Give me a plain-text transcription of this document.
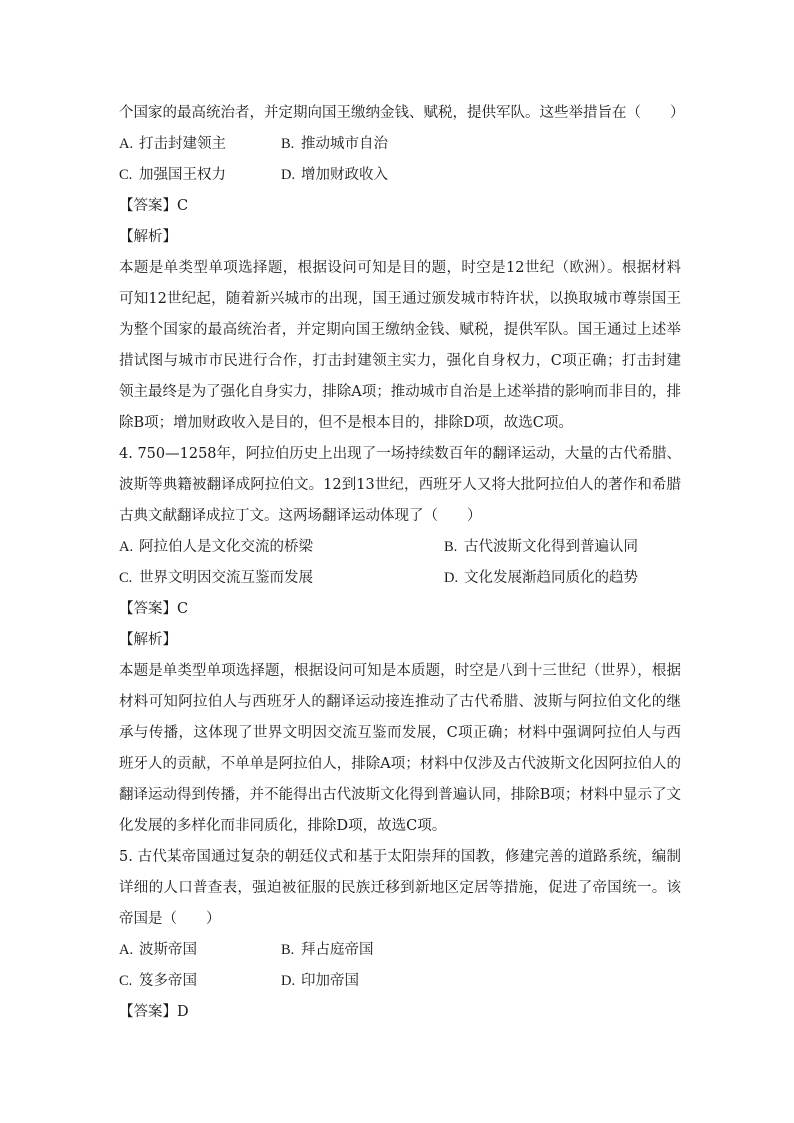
个国家的最高统治者，并定期向国王缴纳金钱、赋税，提供军队。这些举措旨在（　　）

A. 打击封建领主	B. 推动城市自治
C. 加强国王权力	D. 增加财政收入

【答案】C

【解析】

本题是单类型单项选择题，根据设问可知是目的题，时空是12世纪（欧洲）。根据材料可知12世纪起，随着新兴城市的出现，国王通过颁发城市特许状，以换取城市尊崇国王为整个国家的最高统治者，并定期向国王缴纳金钱、赋税，提供军队。国王通过上述举措试图与城市市民进行合作，打击封建领主实力，强化自身权力，C项正确；打击封建领主最终是为了强化自身实力，排除A项；推动城市自治是上述举措的影响而非目的，排除B项；增加财政收入是目的，但不是根本目的，排除D项，故选C项。

4. 750—1258年，阿拉伯历史上出现了一场持续数百年的翻译运动，大量的古代希腊、波斯等典籍被翻译成阿拉伯文。12到13世纪，西班牙人又将大批阿拉伯人的著作和希腊古典文献翻译成拉丁文。这两场翻译运动体现了（　　）

A. 阿拉伯人是文化交流的桥梁	B. 古代波斯文化得到普遍认同
C. 世界文明因交流互鉴而发展	D. 文化发展渐趋同质化的趋势

【答案】C

【解析】

本题是单类型单项选择题，根据设问可知是本质题，时空是八到十三世纪（世界），根据材料可知阿拉伯人与西班牙人的翻译运动接连推动了古代希腊、波斯与阿拉伯文化的继承与传播，这体现了世界文明因交流互鉴而发展，C项正确；材料中强调阿拉伯人与西班牙人的贡献，不单单是阿拉伯人，排除A项；材料中仅涉及古代波斯文化因阿拉伯人的翻译运动得到传播，并不能得出古代波斯文化得到普遍认同，排除B项；材料中显示了文化发展的多样化而非同质化，排除D项，故选C项。

5. 古代某帝国通过复杂的朝廷仪式和基于太阳崇拜的国教，修建完善的道路系统，编制详细的人口普查表，强迫被征服的民族迁移到新地区定居等措施，促进了帝国统一。该帝国是（　　）

A. 波斯帝国	B. 拜占庭帝国
C. 笈多帝国	D. 印加帝国

【答案】D
